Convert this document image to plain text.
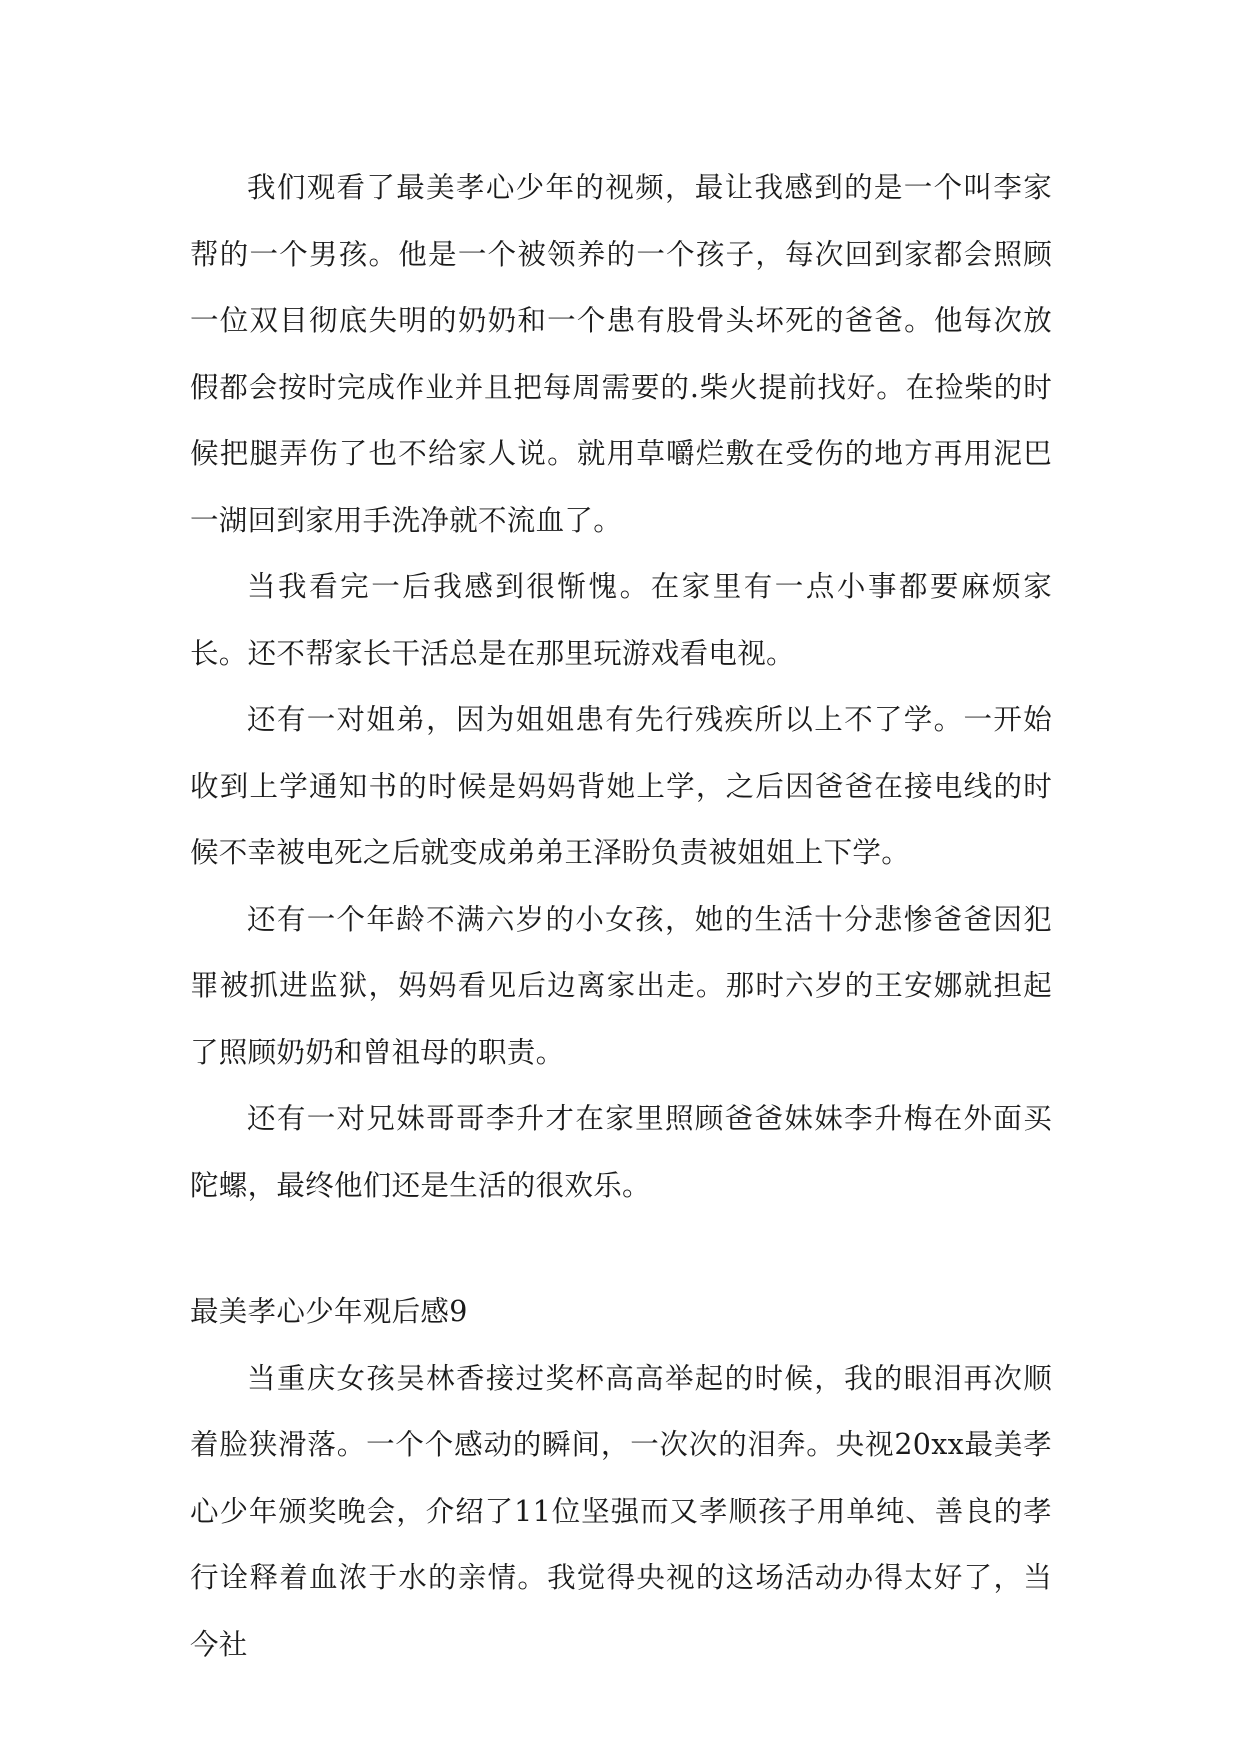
我们观看了最美孝心少年的视频，最让我感到的是一个叫李家帮的一个男孩。他是一个被领养的一个孩子，每次回到家都会照顾一位双目彻底失明的奶奶和一个患有股骨头坏死的爸爸。他每次放假都会按时完成作业并且把每周需要的.柴火提前找好。在捡柴的时候把腿弄伤了也不给家人说。就用草嚼烂敷在受伤的地方再用泥巴一湖回到家用手洗净就不流血了。

当我看完一后我感到很惭愧。在家里有一点小事都要麻烦家长。还不帮家长干活总是在那里玩游戏看电视。

还有一对姐弟，因为姐姐患有先行残疾所以上不了学。一开始收到上学通知书的时候是妈妈背她上学，之后因爸爸在接电线的时候不幸被电死之后就变成弟弟王泽盼负责被姐姐上下学。

还有一个年龄不满六岁的小女孩，她的生活十分悲惨爸爸因犯罪被抓进监狱，妈妈看见后边离家出走。那时六岁的王安娜就担起了照顾奶奶和曾祖母的职责。

还有一对兄妹哥哥李升才在家里照顾爸爸妹妹李升梅在外面买陀螺，最终他们还是生活的很欢乐。

最美孝心少年观后感9

当重庆女孩吴林香接过奖杯高高举起的时候，我的眼泪再次顺着脸狭滑落。一个个感动的瞬间，一次次的泪奔。央视20xx最美孝心少年颁奖晚会，介绍了11位坚强而又孝顺孩子用单纯、善良的孝行诠释着血浓于水的亲情。我觉得央视的这场活动办得太好了，当今社
